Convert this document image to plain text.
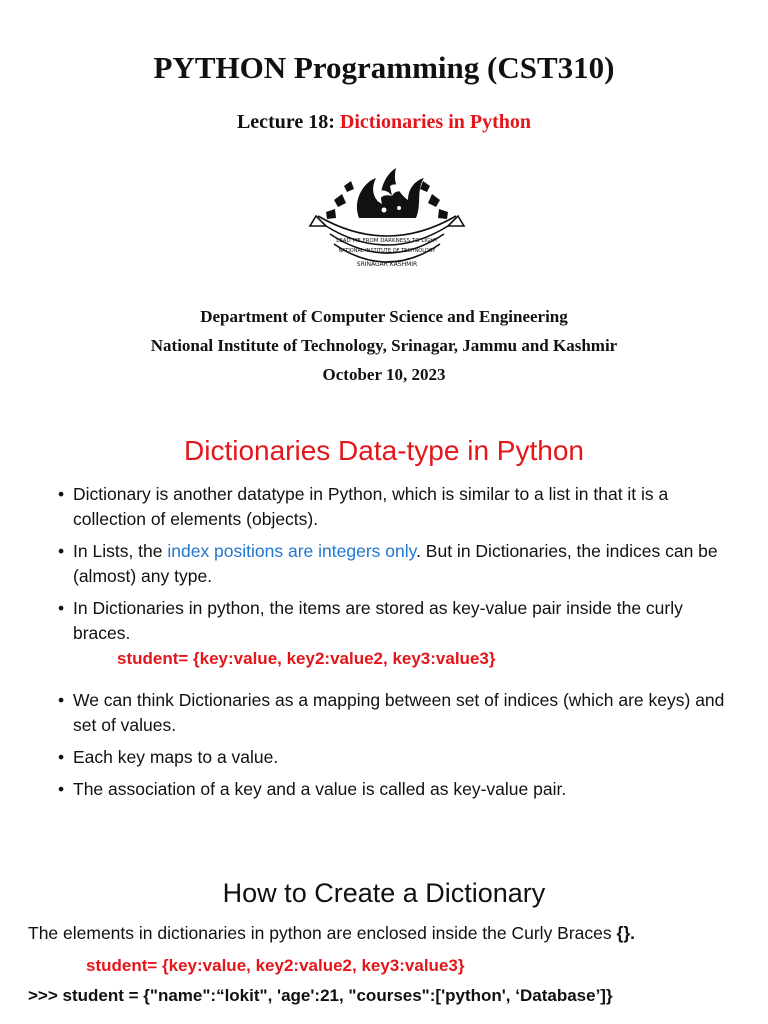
PYTHON Programming (CST310)
Lecture 18: Dictionaries in Python
LEAD ME FROM DARKNESS TO LIGHT
NATIONAL INSTITUTE OF TECHNOLOGY
SRINAGAR KASHMIR
Department of Computer Science and Engineering
National Institute of Technology, Srinagar, Jammu and Kashmir
October 10, 2023
Dictionaries Data-type in Python
• Dictionary is another datatype in Python, which is similar to a list in that it is a collection of elements (objects).
• In Lists, the index positions are integers only. But in Dictionaries, the indices can be (almost) any type.
• In Dictionaries in python, the items are stored as key-value pair inside the curly braces.
• We can think Dictionaries as a mapping between set of indices (which are keys) and set of values.
• Each key maps to a value.
• The association of a key and a value is called as key-value pair.
student= {key:value, key2:value2, key3:value3}
How to Create a Dictionary
The elements in dictionaries in python are enclosed inside the Curly Braces {}.
student= {key:value, key2:value2, key3:value3}
>>> student = {"name":“lokit", 'age':21, "courses":['python', ‘Database’]}
